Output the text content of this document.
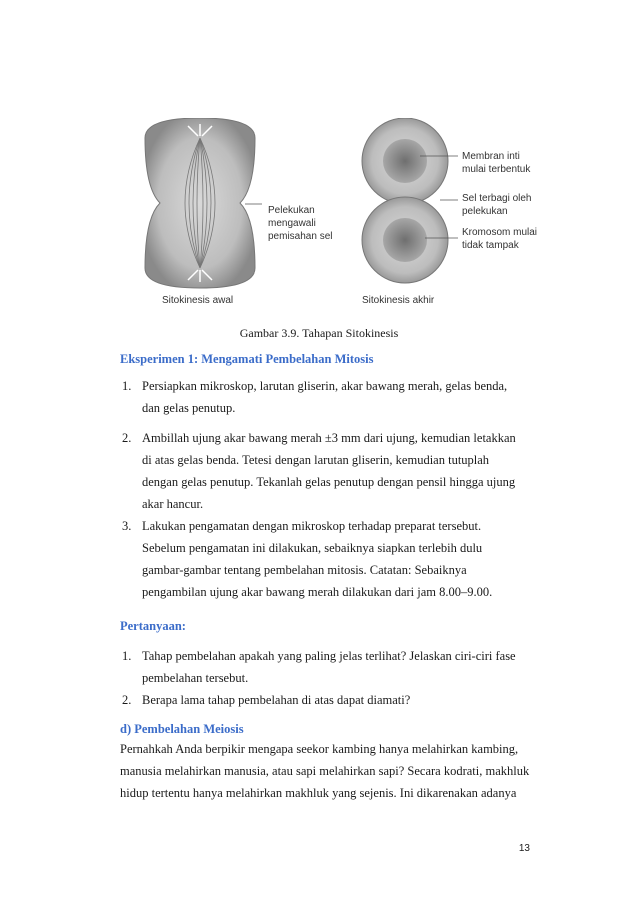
Pelekukan
mengawali
pemisahan sel
Membran inti
mulai terbentuk
Sel terbagi oleh
pelekukan
Kromosom mulai
tidak tampak
Sitokinesis awal	Sitokinesis akhir
Gambar 3.9. Tahapan Sitokinesis
Eksperimen 1: Mengamati Pembelahan Mitosis
1. Persiapkan mikroskop, larutan gliserin, akar bawang merah, gelas benda,
dan gelas penutup.
2. Ambillah ujung akar bawang merah ±3 mm dari ujung, kemudian letakkan
di atas gelas benda. Tetesi dengan larutan gliserin, kemudian tutuplah
dengan gelas penutup. Tekanlah gelas penutup dengan pensil hingga ujung
akar hancur.
3. Lakukan pengamatan dengan mikroskop terhadap preparat tersebut.
Sebelum pengamatan ini dilakukan, sebaiknya siapkan terlebih dulu
gambar-gambar tentang pembelahan mitosis. Catatan: Sebaiknya
pengambilan ujung akar bawang merah dilakukan dari jam 8.00–9.00.
Pertanyaan:
1. Tahap pembelahan apakah yang paling jelas terlihat? Jelaskan ciri-ciri fase
pembelahan tersebut.
2. Berapa lama tahap pembelahan di atas dapat diamati?
d) Pembelahan Meiosis
Pernahkah Anda berpikir mengapa seekor kambing hanya melahirkan kambing,
manusia melahirkan manusia, atau sapi melahirkan sapi? Secara kodrati, makhluk
hidup tertentu hanya melahirkan makhluk yang sejenis. Ini dikarenakan adanya
13
